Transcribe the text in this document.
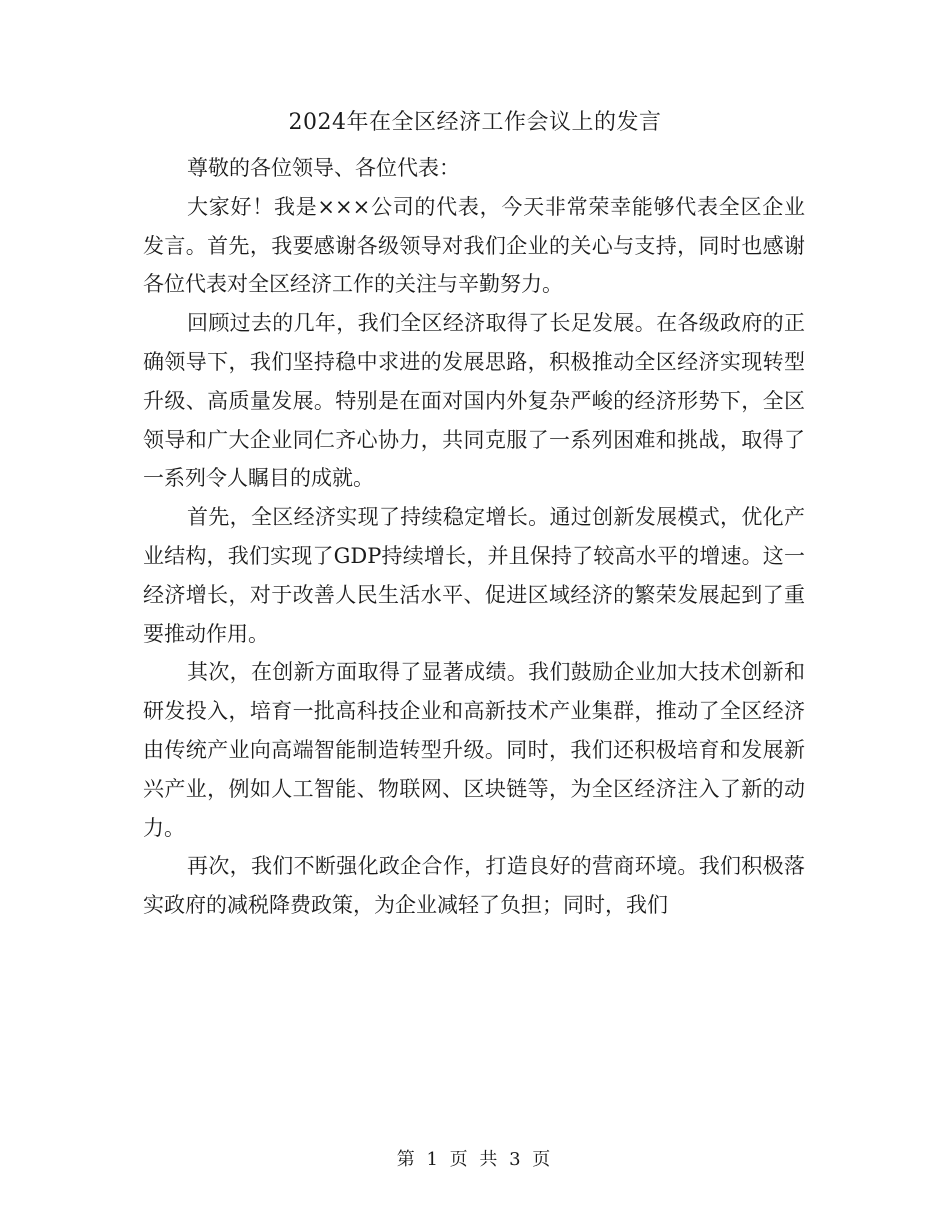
2024年在全区经济工作会议上的发言

尊敬的各位领导、各位代表：

大家好！我是×××公司的代表，今天非常荣幸能够代表全区企业发言。首先，我要感谢各级领导对我们企业的关心与支持，同时也感谢各位代表对全区经济工作的关注与辛勤努力。

回顾过去的几年，我们全区经济取得了长足发展。在各级政府的正确领导下，我们坚持稳中求进的发展思路，积极推动全区经济实现转型升级、高质量发展。特别是在面对国内外复杂严峻的经济形势下，全区领导和广大企业同仁齐心协力，共同克服了一系列困难和挑战，取得了一系列令人瞩目的成就。

首先，全区经济实现了持续稳定增长。通过创新发展模式，优化产业结构，我们实现了GDP持续增长，并且保持了较高水平的增速。这一经济增长，对于改善人民生活水平、促进区域经济的繁荣发展起到了重要推动作用。

其次，在创新方面取得了显著成绩。我们鼓励企业加大技术创新和研发投入，培育一批高科技企业和高新技术产业集群，推动了全区经济由传统产业向高端智能制造转型升级。同时，我们还积极培育和发展新兴产业，例如人工智能、物联网、区块链等，为全区经济注入了新的动力。

再次，我们不断强化政企合作，打造良好的营商环境。我们积极落实政府的减税降费政策，为企业减轻了负担；同时，我们

第 1 页 共 3 页
